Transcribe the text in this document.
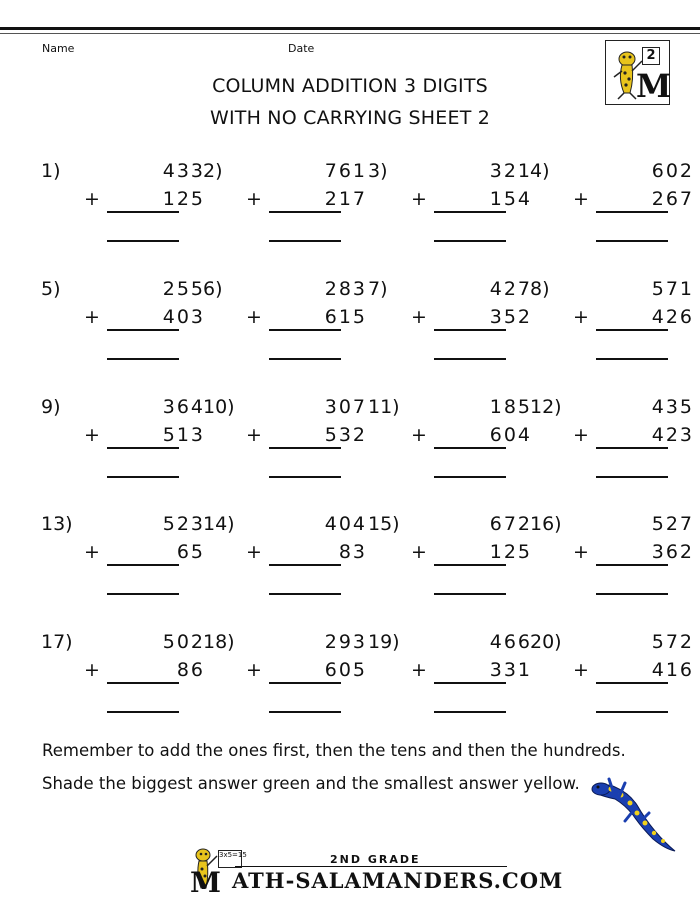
Name	Date
COLUMN ADDITION 3 DIGITS
WITH NO CARRYING SHEET 2
2
M
1)	433
+	125
2)	761
+	217
3)	321
+	154
4)	602
+	267
5)	255
+	403
6)	283
+	615
7)	427
+	352
8)	571
+	426
9)	364
+	513
10)	307
+	532
11)	185
+	604
12)	435
+	423
13)	523
+	65
14)	404
+	83
15)	672
+	125
16)	527
+	362
17)	502
+	86
18)	293
+	605
19)	466
+	331
20)	572
+	416
Remember to add the ones first, then the tens and then the hundreds.
Shade the biggest answer green and the smallest answer yellow.
3x5=15
M
2ND GRADE
ATH-SALAMANDERS.COM
